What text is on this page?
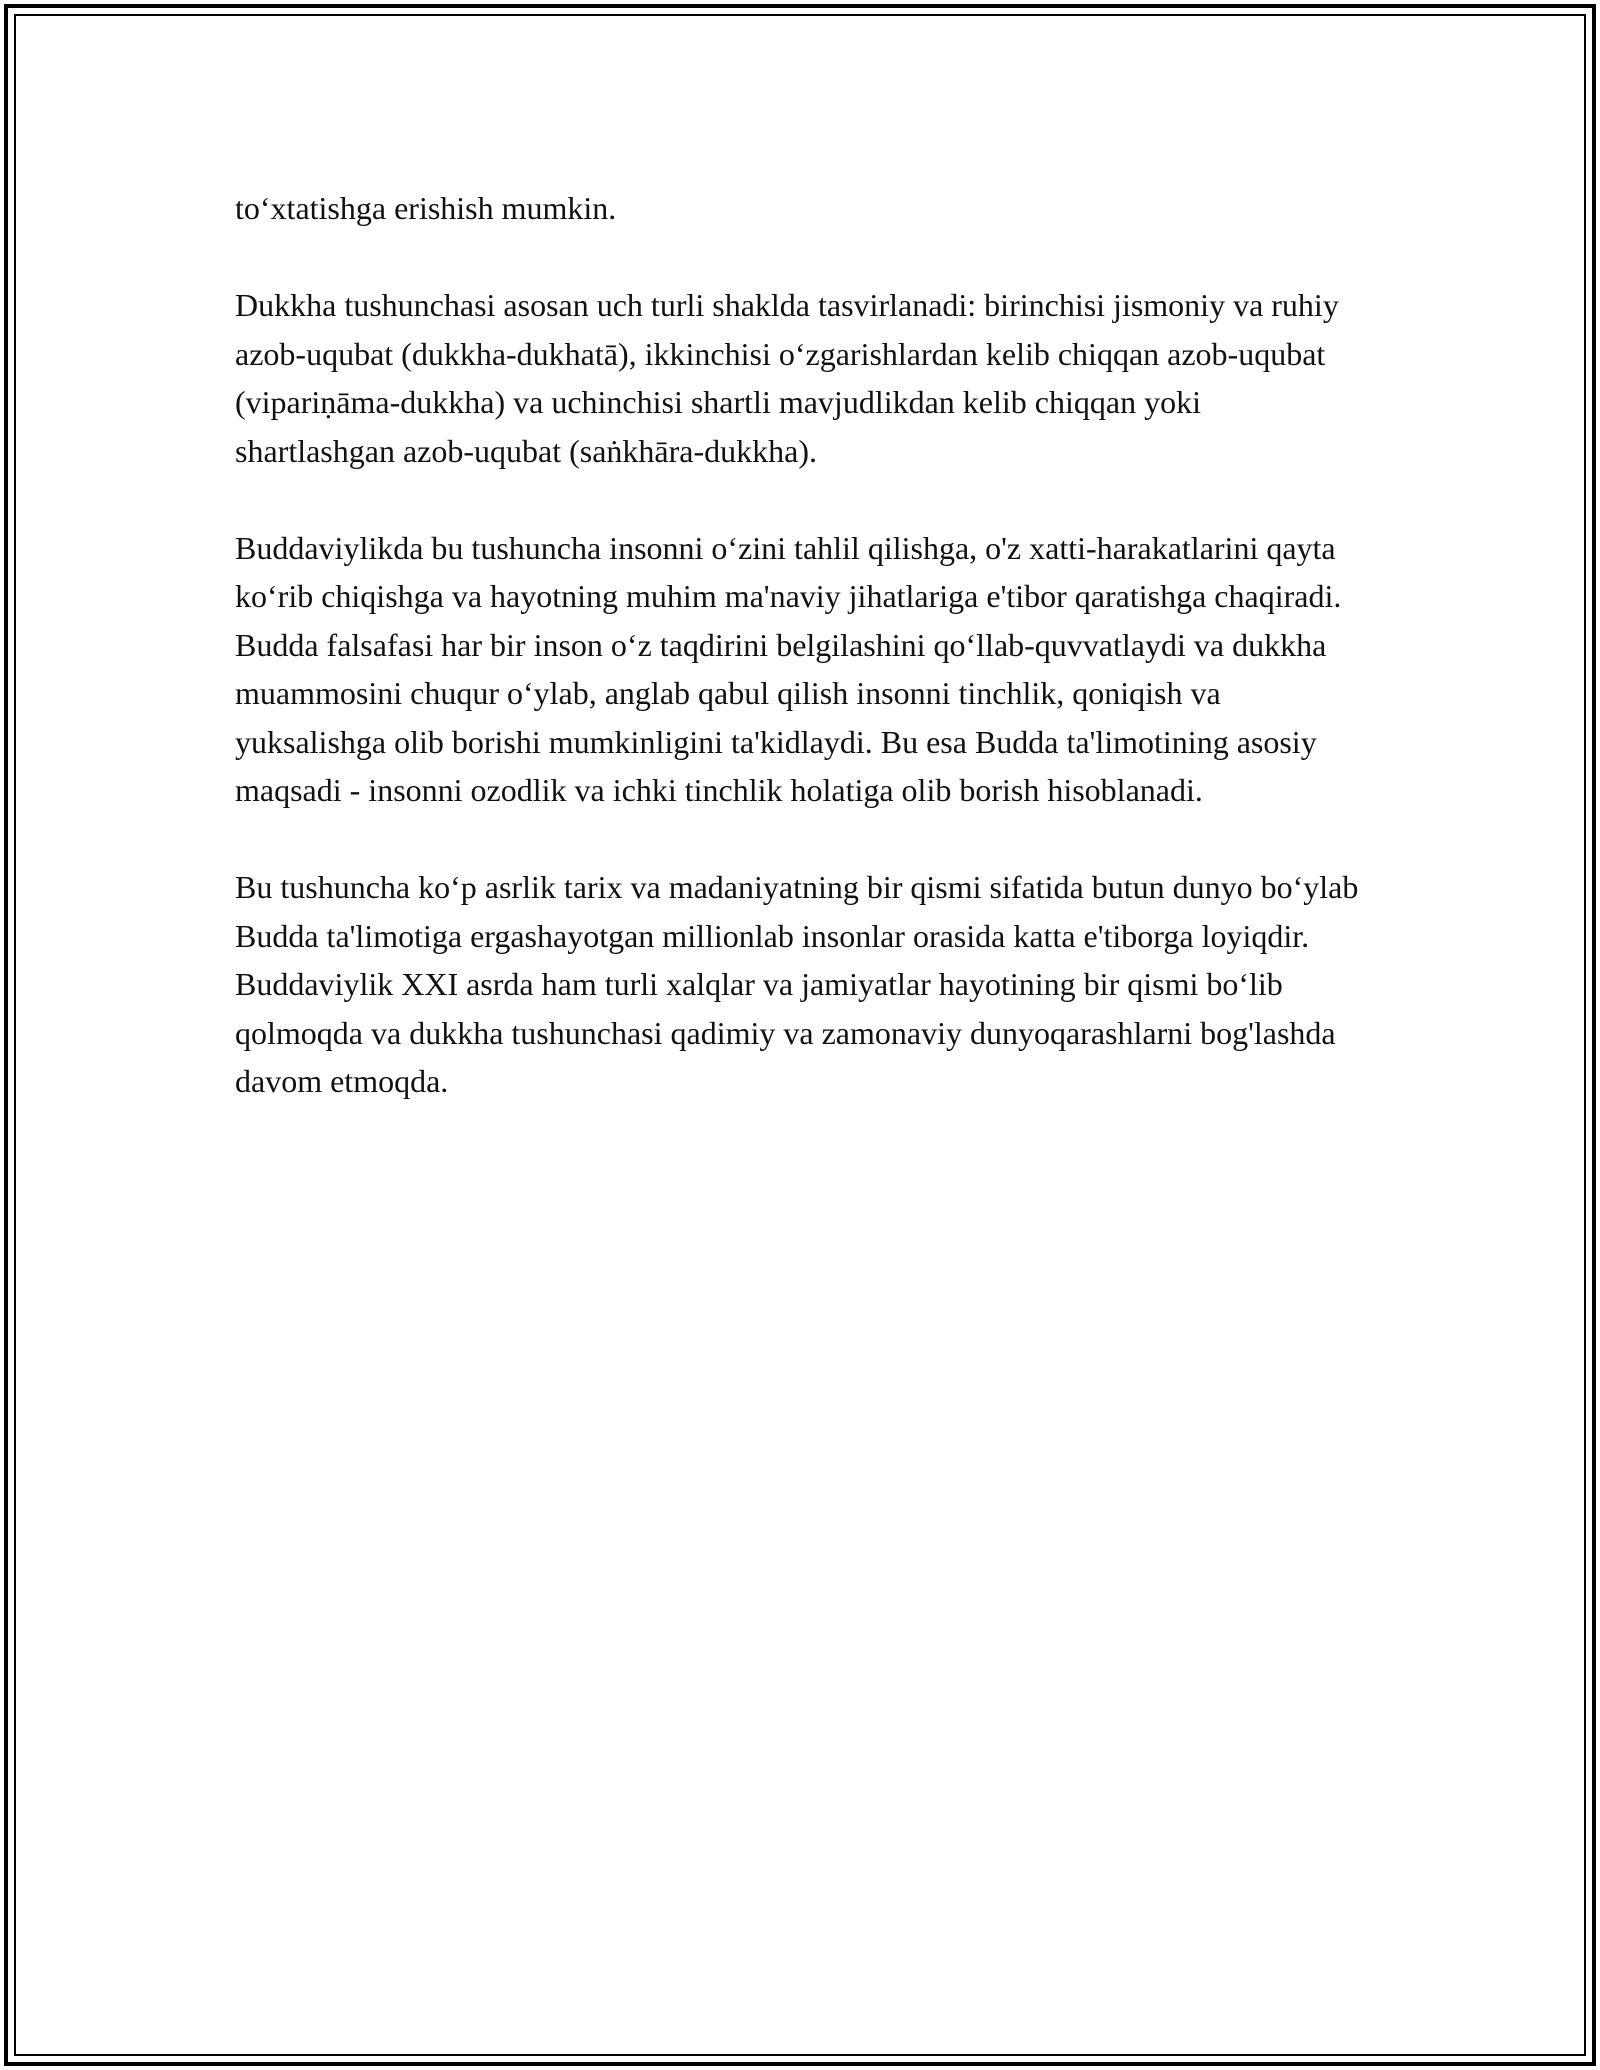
to‘xtatishga erishish mumkin.

Dukkha tushunchasi asosan uch turli shaklda tasvirlanadi: birinchisi jismoniy va ruhiy azob-uqubat (dukkha-dukhatā), ikkinchisi o‘zgarishlardan kelib chiqqan azob-uqubat (vipariṇāma-dukkha) va uchinchisi shartli mavjudlikdan kelib chiqqan yoki shartlashgan azob-uqubat (saṅkhāra-dukkha).

Buddaviylikda bu tushuncha insonni o‘zini tahlil qilishga, o'z xatti-harakatlarini qayta ko‘rib chiqishga va hayotning muhim ma'naviy jihatlariga e'tibor qaratishga chaqiradi. Budda falsafasi har bir inson o‘z taqdirini belgilashini qo‘llab-quvvatlaydi va dukkha muammosini chuqur o‘ylab, anglab qabul qilish insonni tinchlik, qoniqish va yuksalishga olib borishi mumkinligini ta'kidlaydi. Bu esa Budda ta'limotining asosiy maqsadi - insonni ozodlik va ichki tinchlik holatiga olib borish hisoblanadi.

Bu tushuncha ko‘p asrlik tarix va madaniyatning bir qismi sifatida butun dunyo bo‘ylab Budda ta'limotiga ergashayotgan millionlab insonlar orasida katta e'tiborga loyiqdir. Buddaviylik XXI asrda ham turli xalqlar va jamiyatlar hayotining bir qismi bo‘lib qolmoqda va dukkha tushunchasi qadimiy va zamonaviy dunyoqarashlarni bog'lashda davom etmoqda.
